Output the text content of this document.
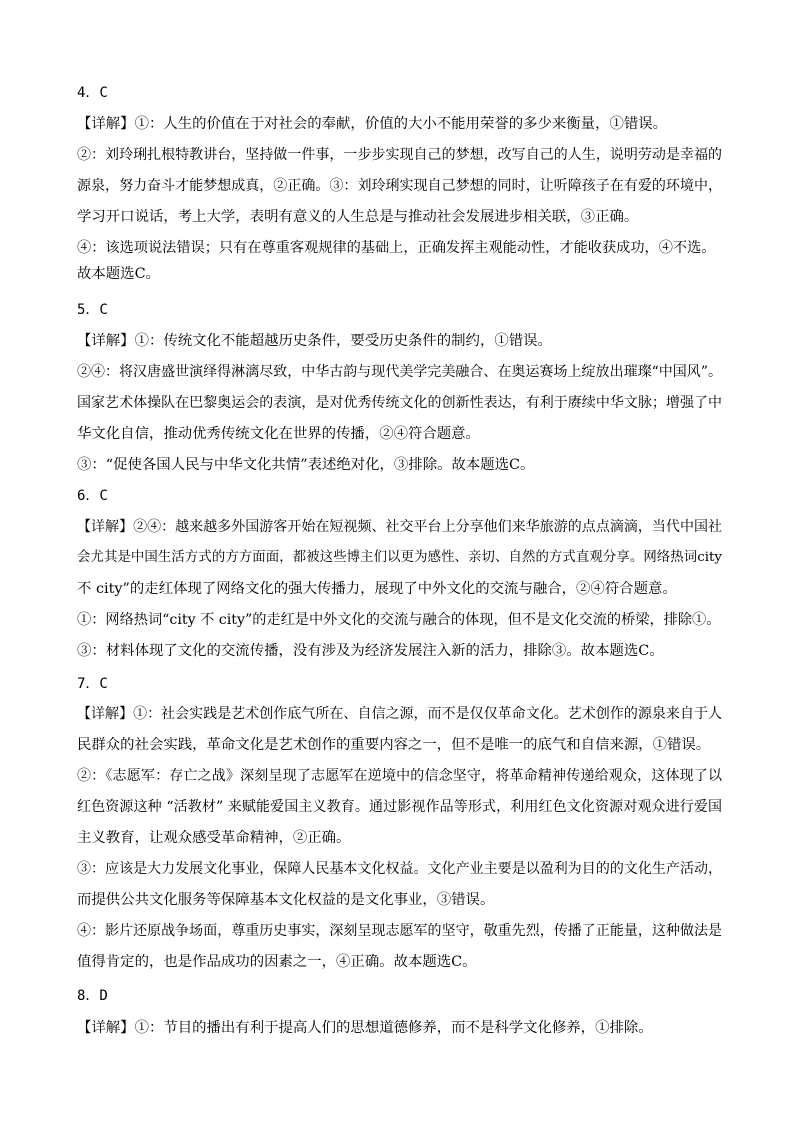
4．C
【详解】①：人生的价值在于对社会的奉献，价值的大小不能用荣誉的多少来衡量，①错误。
②：刘玲琍扎根特教讲台，坚持做一件事，一步步实现自己的梦想，改写自己的人生，说明劳动是幸福的
源泉，努力奋斗才能梦想成真，②正确。③：刘玲琍实现自己梦想的同时，让听障孩子在有爱的环境中，
学习开口说话，考上大学，表明有意义的人生总是与推动社会发展进步相关联，③正确。
④：该选项说法错误；只有在尊重客观规律的基础上，正确发挥主观能动性，才能收获成功，④不选。
故本题选C。
5．C
【详解】①：传统文化不能超越历史条件，要受历史条件的制约，①错误。
②④：将汉唐盛世演绎得淋漓尽致，中华古韵与现代美学完美融合、在奥运赛场上绽放出璀璨“中国风”。
国家艺术体操队在巴黎奥运会的表演，是对优秀传统文化的创新性表达，有利于赓续中华文脉；增强了中
华文化自信，推动优秀传统文化在世界的传播，②④符合题意。
③：“促使各国人民与中华文化共情”表述绝对化，③排除。故本题选C。
6．C
【详解】②④：越来越多外国游客开始在短视频、社交平台上分享他们来华旅游的点点滴滴，当代中国社
会尤其是中国生活方式的方方面面，都被这些博主们以更为感性、亲切、自然的方式直观分享。网络热词city
不 city”的走红体现了网络文化的强大传播力，展现了中外文化的交流与融合，②④符合题意。
①：网络热词“city 不 city”的走红是中外文化的交流与融合的体现，但不是文化交流的桥梁，排除①。
③：材料体现了文化的交流传播，没有涉及为经济发展注入新的活力，排除③。故本题选C。
7．C
【详解】①：社会实践是艺术创作底气所在、自信之源，而不是仅仅革命文化。艺术创作的源泉来自于人
民群众的社会实践，革命文化是艺术创作的重要内容之一，但不是唯一的底气和自信来源，①错误。
②：《志愿军：存亡之战》深刻呈现了志愿军在逆境中的信念坚守，将革命精神传递给观众，这体现了以
红色资源这种 “活教材” 来赋能爱国主义教育。通过影视作品等形式，利用红色文化资源对观众进行爱国
主义教育，让观众感受革命精神，②正确。
③：应该是大力发展文化事业，保障人民基本文化权益。文化产业主要是以盈利为目的的文化生产活动，
而提供公共文化服务等保障基本文化权益的是文化事业，③错误。
④：影片还原战争场面，尊重历史事实，深刻呈现志愿军的坚守，敬重先烈，传播了正能量，这种做法是
值得肯定的，也是作品成功的因素之一，④正确。故本题选C。
8．D
【详解】①：节目的播出有利于提高人们的思想道德修养，而不是科学文化修养，①排除。
